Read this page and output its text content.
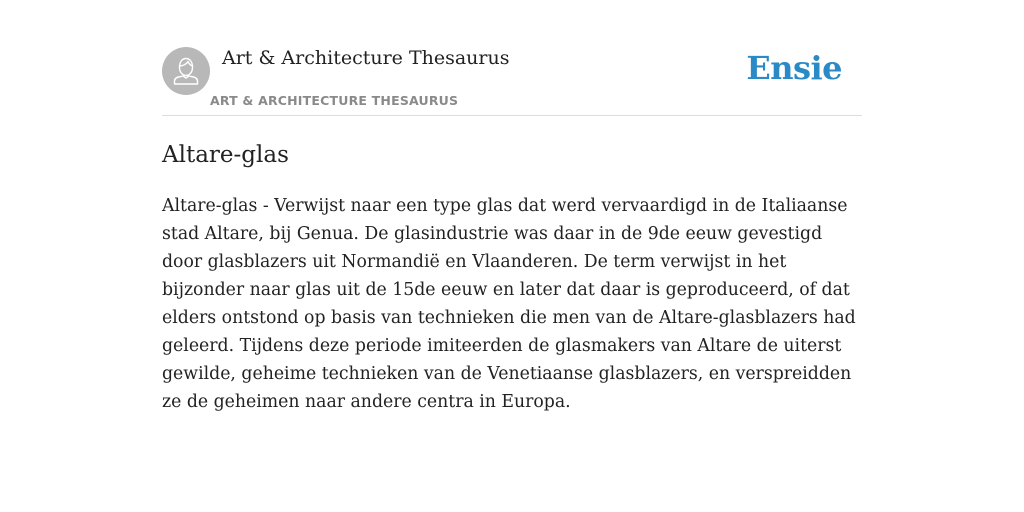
Art & Architecture Thesaurus
ART & ARCHITECTURE THESAURUS
Ensie
Altare-glas

Altare-glas - Verwijst naar een type glas dat werd vervaardigd in de Italiaanse stad Altare, bij Genua. De glasindustrie was daar in de 9de eeuw gevestigd door glasblazers uit Normandië en Vlaanderen. De term verwijst in het bijzonder naar glas uit de 15de eeuw en later dat daar is geproduceerd, of dat elders ontstond op basis van technieken die men van de Altare-glasblazers had geleerd. Tijdens deze periode imiteerden de glasmakers van Altare de uiterst gewilde, geheime technieken van de Venetiaanse glasblazers, en verspreidden ze de geheimen naar andere centra in Europa.
